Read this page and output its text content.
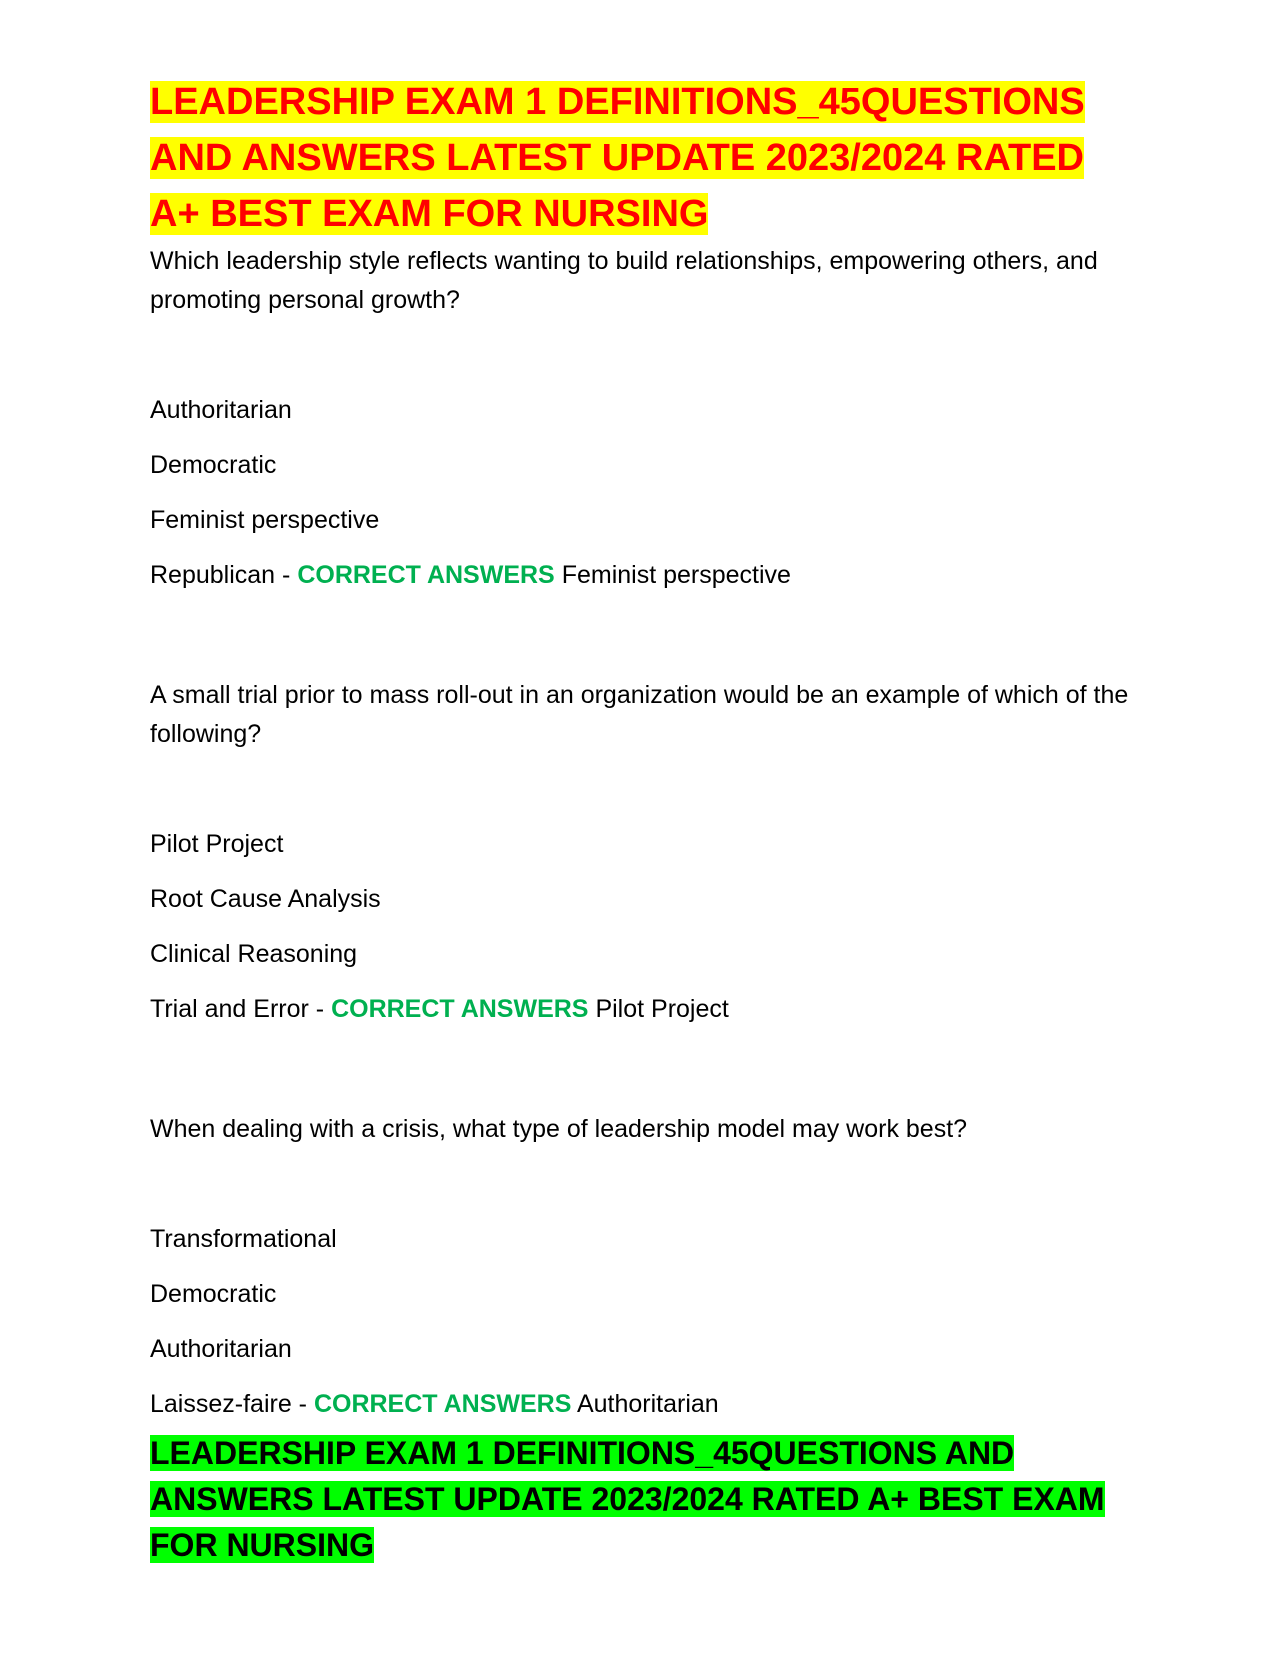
LEADERSHIP EXAM 1 DEFINITIONS_45QUESTIONS AND ANSWERS LATEST UPDATE 2023/2024 RATED A+ BEST EXAM FOR NURSING

Which leadership style reflects wanting to build relationships, empowering others, and promoting personal growth?

Authoritarian

Democratic

Feminist perspective

Republican - CORRECT ANSWERS Feminist perspective

A small trial prior to mass roll-out in an organization would be an example of which of the following?

Pilot Project

Root Cause Analysis

Clinical Reasoning

Trial and Error - CORRECT ANSWERS Pilot Project

When dealing with a crisis, what type of leadership model may work best?

Transformational

Democratic

Authoritarian

Laissez-faire - CORRECT ANSWERS Authoritarian

LEADERSHIP EXAM 1 DEFINITIONS_45QUESTIONS AND ANSWERS LATEST UPDATE 2023/2024 RATED A+ BEST EXAM FOR NURSING
